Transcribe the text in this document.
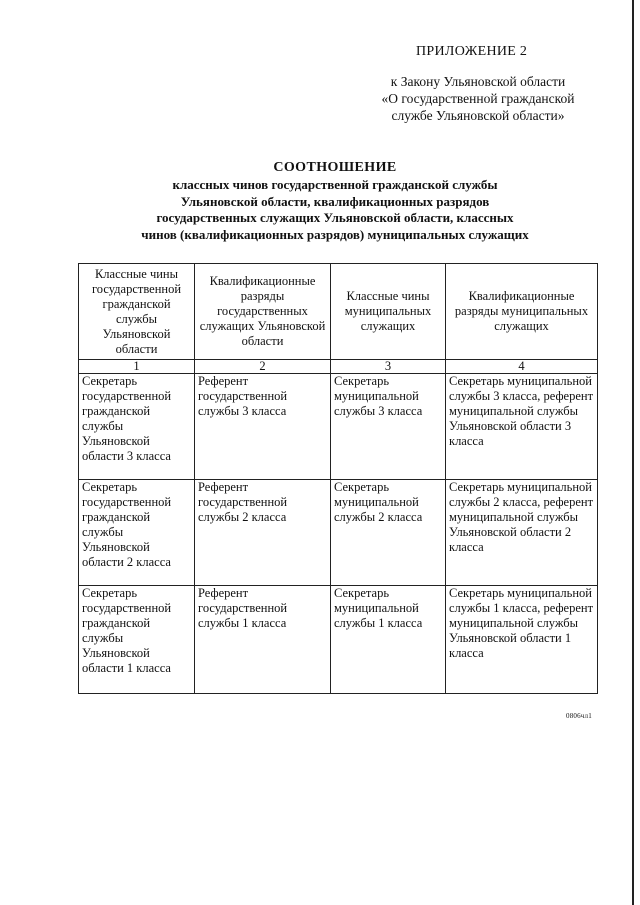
ПРИЛОЖЕНИЕ 2
к Закону Ульяновской области
«О государственной гражданской
службе Ульяновской области»
СООТНОШЕНИЕ
классных чинов государственной гражданской службы
Ульяновской области, квалификационных разрядов
государственных служащих Ульяновской области, классных
чинов (квалификационных разрядов) муниципальных служащих
Классные чины государственной гражданской службы Ульяновской области	Квалификационные разряды государственных служащих Ульяновской области	Классные чины муниципальных служащих	Квалификационные разряды муниципальных служащих
1	2	3	4
Секретарь государственной гражданской службы Ульяновской области 3 класса	Референт государственной службы 3 класса	Секретарь муниципальной службы 3 класса	Секретарь муниципальной службы 3 класса, референт муниципальной службы Ульяновской области 3 класса
Секретарь государственной гражданской службы Ульяновской области 2 класса	Референт государственной службы 2 класса	Секретарь муниципальной службы 2 класса	Секретарь муниципальной службы 2 класса, референт муниципальной службы Ульяновской области 2 класса
Секретарь государственной гражданской службы Ульяновской области 1 класса	Референт государственной службы 1 класса	Секретарь муниципальной службы 1 класса	Секретарь муниципальной службы 1 класса, референт муниципальной службы Ульяновской области 1 класса
0806чл1
